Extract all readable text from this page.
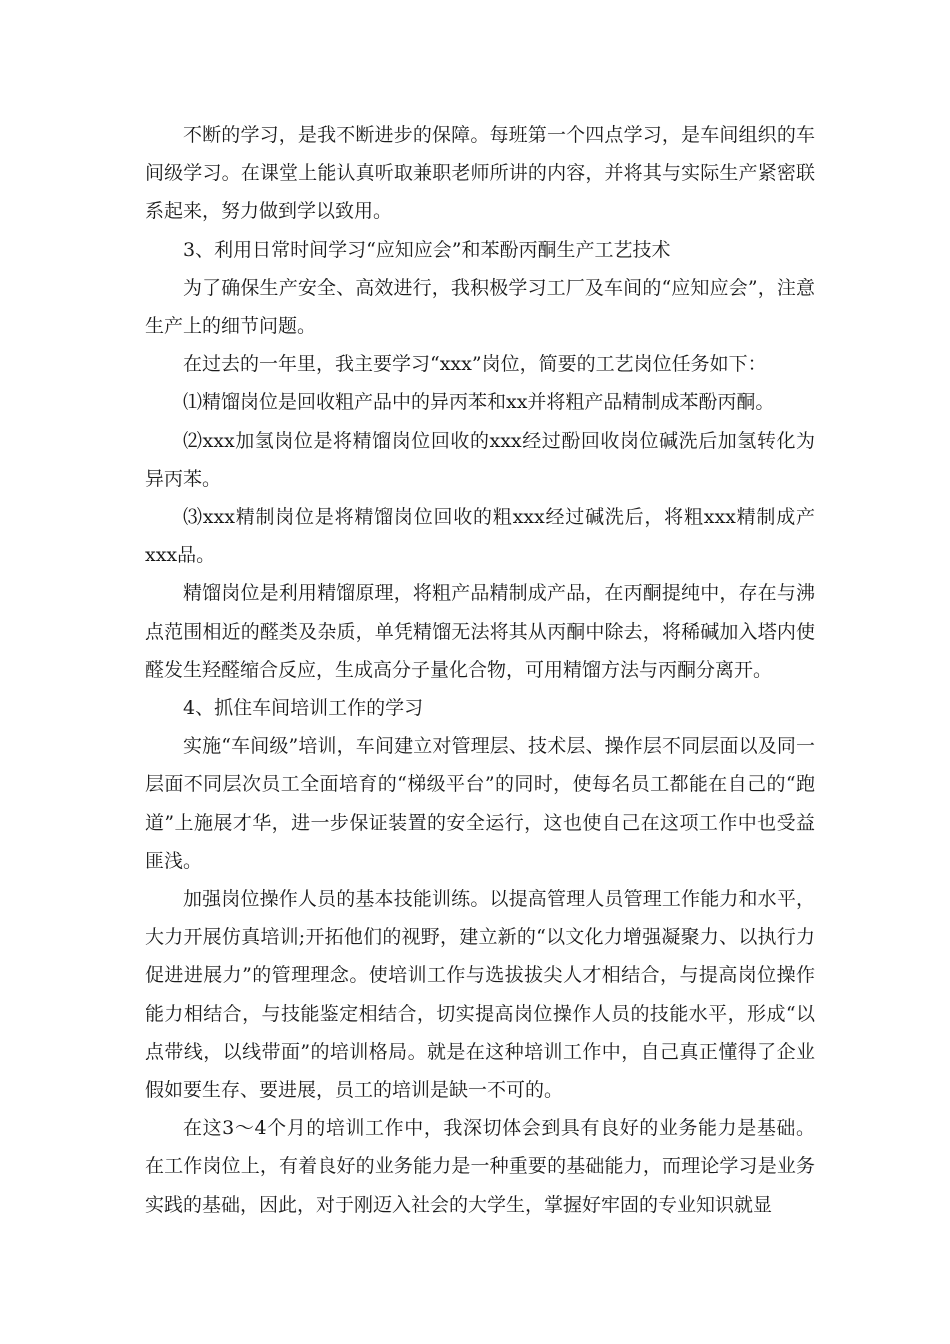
不断的学习，是我不断进步的保障。每班第一个四点学习，是车间组织的车间级学习。在课堂上能认真听取兼职老师所讲的内容，并将其与实际生产紧密联系起来，努力做到学以致用。

3、利用日常时间学习“应知应会”和苯酚丙酮生产工艺技术

为了确保生产安全、高效进行，我积极学习工厂及车间的“应知应会”，注意生产上的细节问题。

在过去的一年里，我主要学习“xxx”岗位，简要的工艺岗位任务如下：

⑴精馏岗位是回收粗产品中的异丙苯和xx并将粗产品精制成苯酚丙酮。

⑵xxx加氢岗位是将精馏岗位回收的xxx经过酚回收岗位碱洗后加氢转化为异丙苯。

⑶xxx精制岗位是将精馏岗位回收的粗xxx经过碱洗后，将粗xxx精制成产xxx品。

精馏岗位是利用精馏原理，将粗产品精制成产品，在丙酮提纯中，存在与沸点范围相近的醛类及杂质，单凭精馏无法将其从丙酮中除去，将稀碱加入塔内使醛发生羟醛缩合反应，生成高分子量化合物，可用精馏方法与丙酮分离开。

4、抓住车间培训工作的学习

实施“车间级”培训，车间建立对管理层、技术层、操作层不同层面以及同一层面不同层次员工全面培育的“梯级平台”的同时，使每名员工都能在自己的“跑道”上施展才华，进一步保证装置的安全运行，这也使自己在这项工作中也受益匪浅。

加强岗位操作人员的基本技能训练。以提高管理人员管理工作能力和水平，大力开展仿真培训;开拓他们的视野，建立新的“以文化力增强凝聚力、以执行力促进进展力”的管理理念。使培训工作与选拔拔尖人才相结合，与提高岗位操作能力相结合，与技能鉴定相结合，切实提高岗位操作人员的技能水平，形成“以点带线，以线带面”的培训格局。就是在这种培训工作中，自己真正懂得了企业假如要生存、要进展，员工的培训是缺一不可的。

在这3～4个月的培训工作中，我深切体会到具有良好的业务能力是基础。在工作岗位上，有着良好的业务能力是一种重要的基础能力，而理论学习是业务实践的基础，因此，对于刚迈入社会的大学生，掌握好牢固的专业知识就显
